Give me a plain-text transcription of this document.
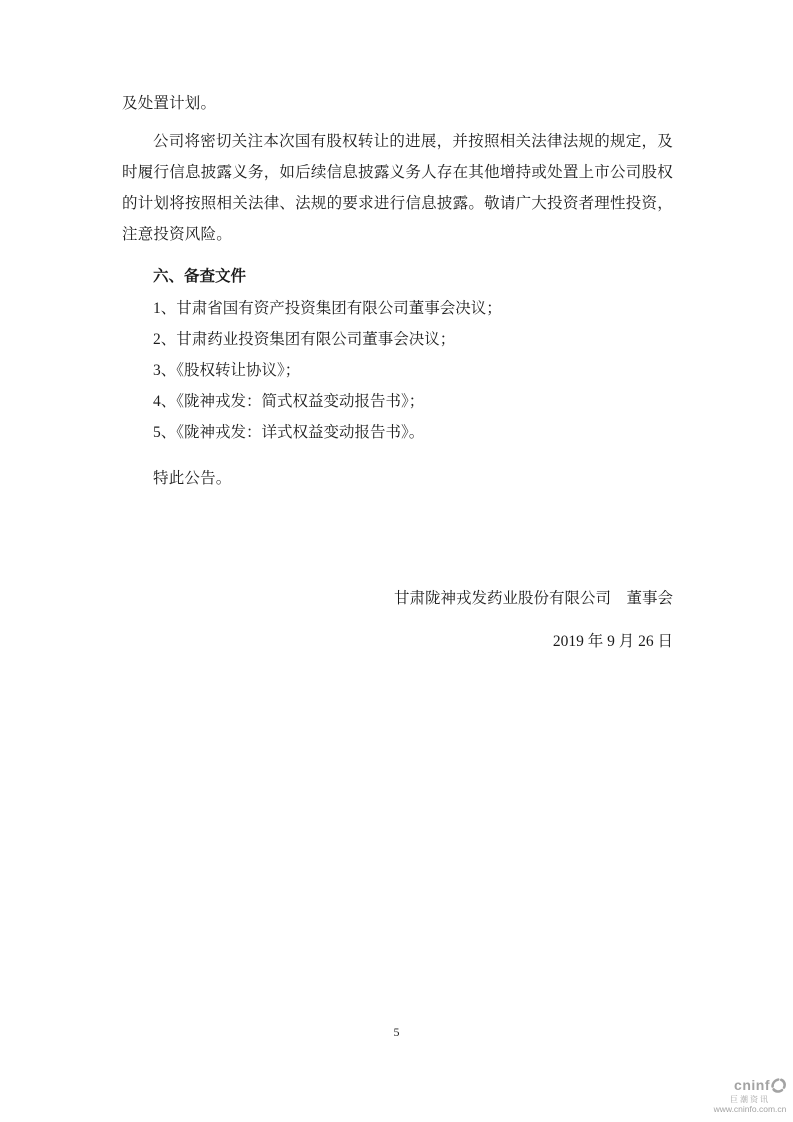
及处置计划。

公司将密切关注本次国有股权转让的进展，并按照相关法律法规的规定，及时履行信息披露义务，如后续信息披露义务人存在其他增持或处置上市公司股权的计划将按照相关法律、法规的要求进行信息披露。敬请广大投资者理性投资，注意投资风险。

六、备查文件
1、甘肃省国有资产投资集团有限公司董事会决议；
2、甘肃药业投资集团有限公司董事会决议；
3、《股权转让协议》；
4、《陇神戎发：简式权益变动报告书》；
5、《陇神戎发：详式权益变动报告书》。

特此公告。

甘肃陇神戎发药业股份有限公司　董事会

2019 年 9 月 26 日

5
cninf
巨潮资讯
www.cninfo.com.cn
